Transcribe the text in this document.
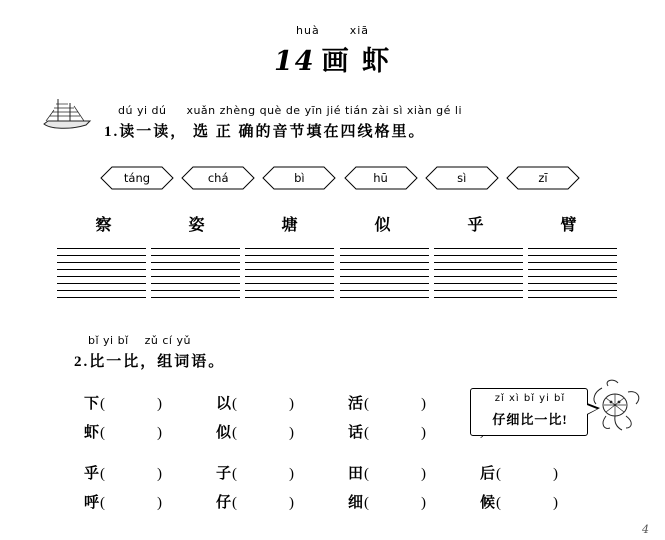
huà	xiā
14 画 虾
dú yi dú     xuǎn zhèng què de yīn jié tián zài sì xiàn gé li
1.读一读， 选 正 确的音节填在四线格里。
táng	chá	bì	hū	sì	zī
察	姿	塘	似	乎	臂
bǐ yi bǐ    zǔ cí yǔ
2.比一比，组词语。
下(	)	以(	)	活(	)
虾(	)	似(	)	话(	)
乎(	)	子(	)	田(	)	后(	)
呼(	)	仔(	)	细(	)	候(	)
zǐ xì bǐ yi bǐ
仔细比一比!
4
